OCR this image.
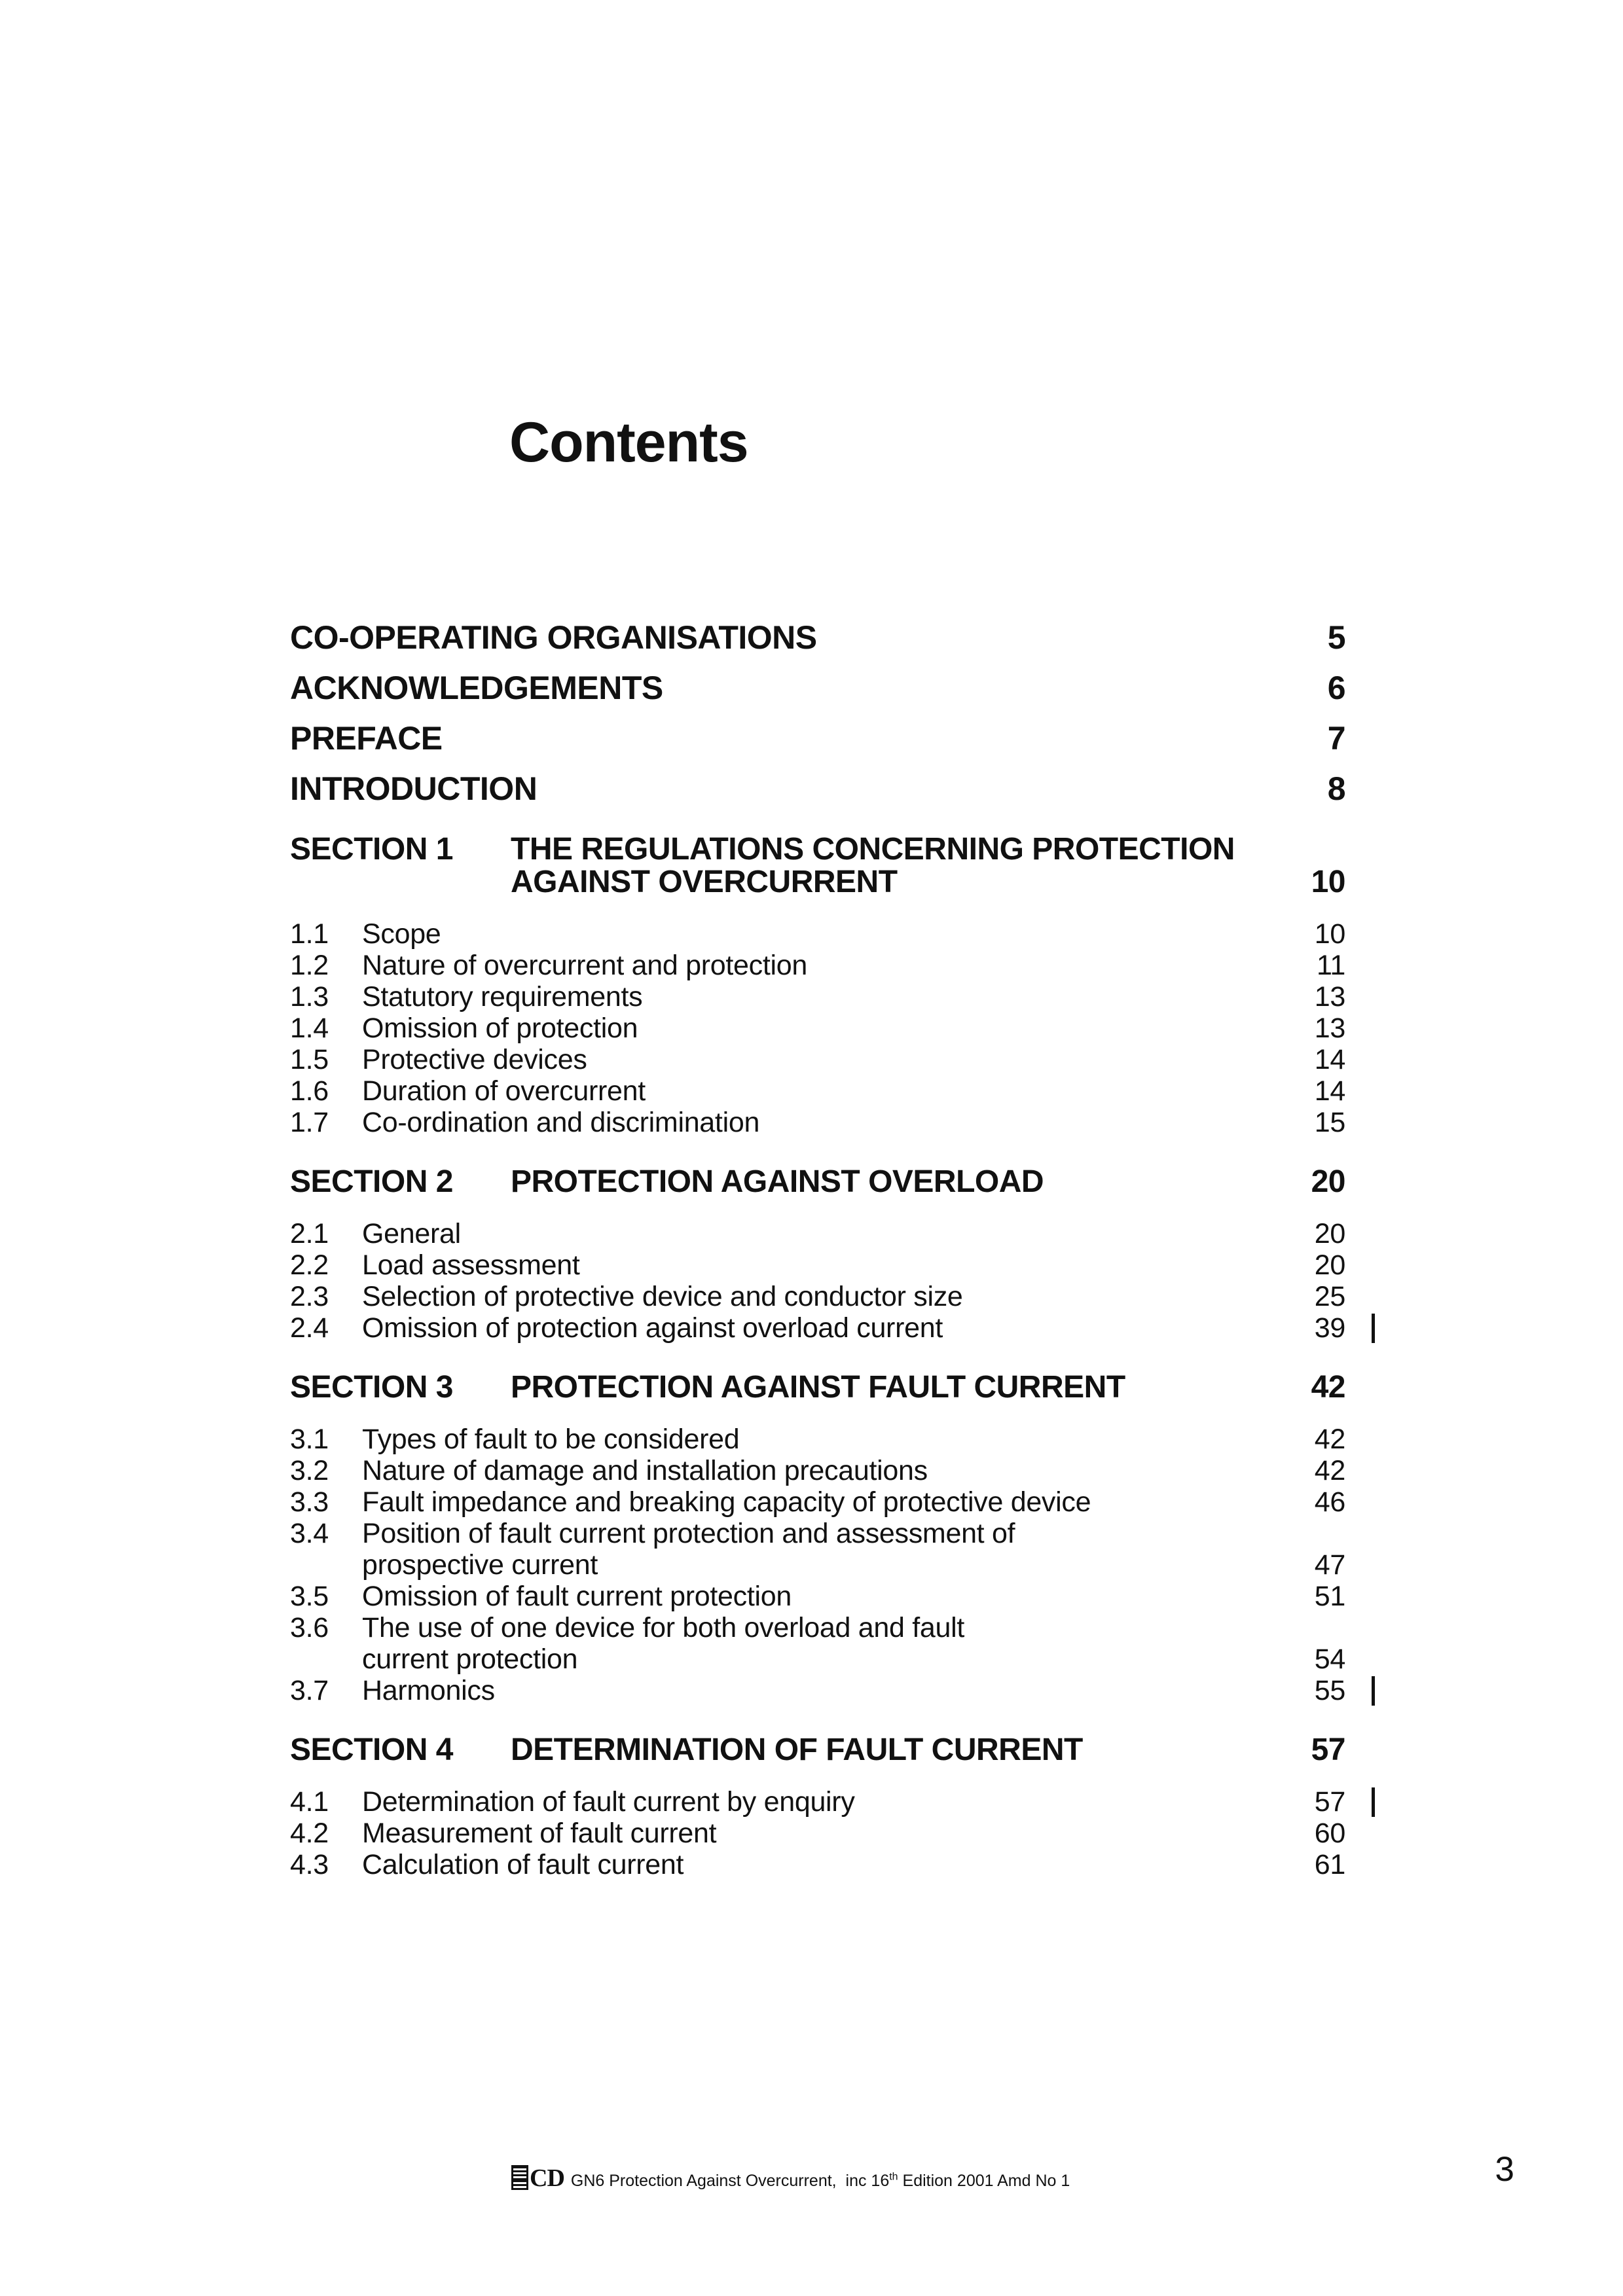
Contents
CO-OPERATING ORGANISATIONS	5
ACKNOWLEDGEMENTS	6
PREFACE	7
INTRODUCTION	8
SECTION 1	THE REGULATIONS CONCERNING PROTECTION
AGAINST OVERCURRENT	10
1.1	Scope	10
1.2	Nature of overcurrent and protection	11
1.3	Statutory requirements	13
1.4	Omission of protection	13
1.5	Protective devices	14
1.6	Duration of overcurrent	14
1.7	Co-ordination and discrimination	15
SECTION 2	PROTECTION AGAINST OVERLOAD	20
2.1	General	20
2.2	Load assessment	20
2.3	Selection of protective device and conductor size	25
2.4	Omission of protection against overload current	39
SECTION 3	PROTECTION AGAINST FAULT CURRENT	42
3.1	Types of fault to be considered	42
3.2	Nature of damage and installation precautions	42
3.3	Fault impedance and breaking capacity of protective device	46
3.4	Position of fault current protection and assessment of
prospective current	47
3.5	Omission of fault current protection	51
3.6	The use of one device for both overload and fault
current protection	54
3.7	Harmonics	55
SECTION 4	DETERMINATION OF FAULT CURRENT	57
4.1	Determination of fault current by enquiry	57
4.2	Measurement of fault current	60
4.3	Calculation of fault current	61
CD GN6 Protection Against Overcurrent,  inc 16th Edition 2001 Amd No 1	3
